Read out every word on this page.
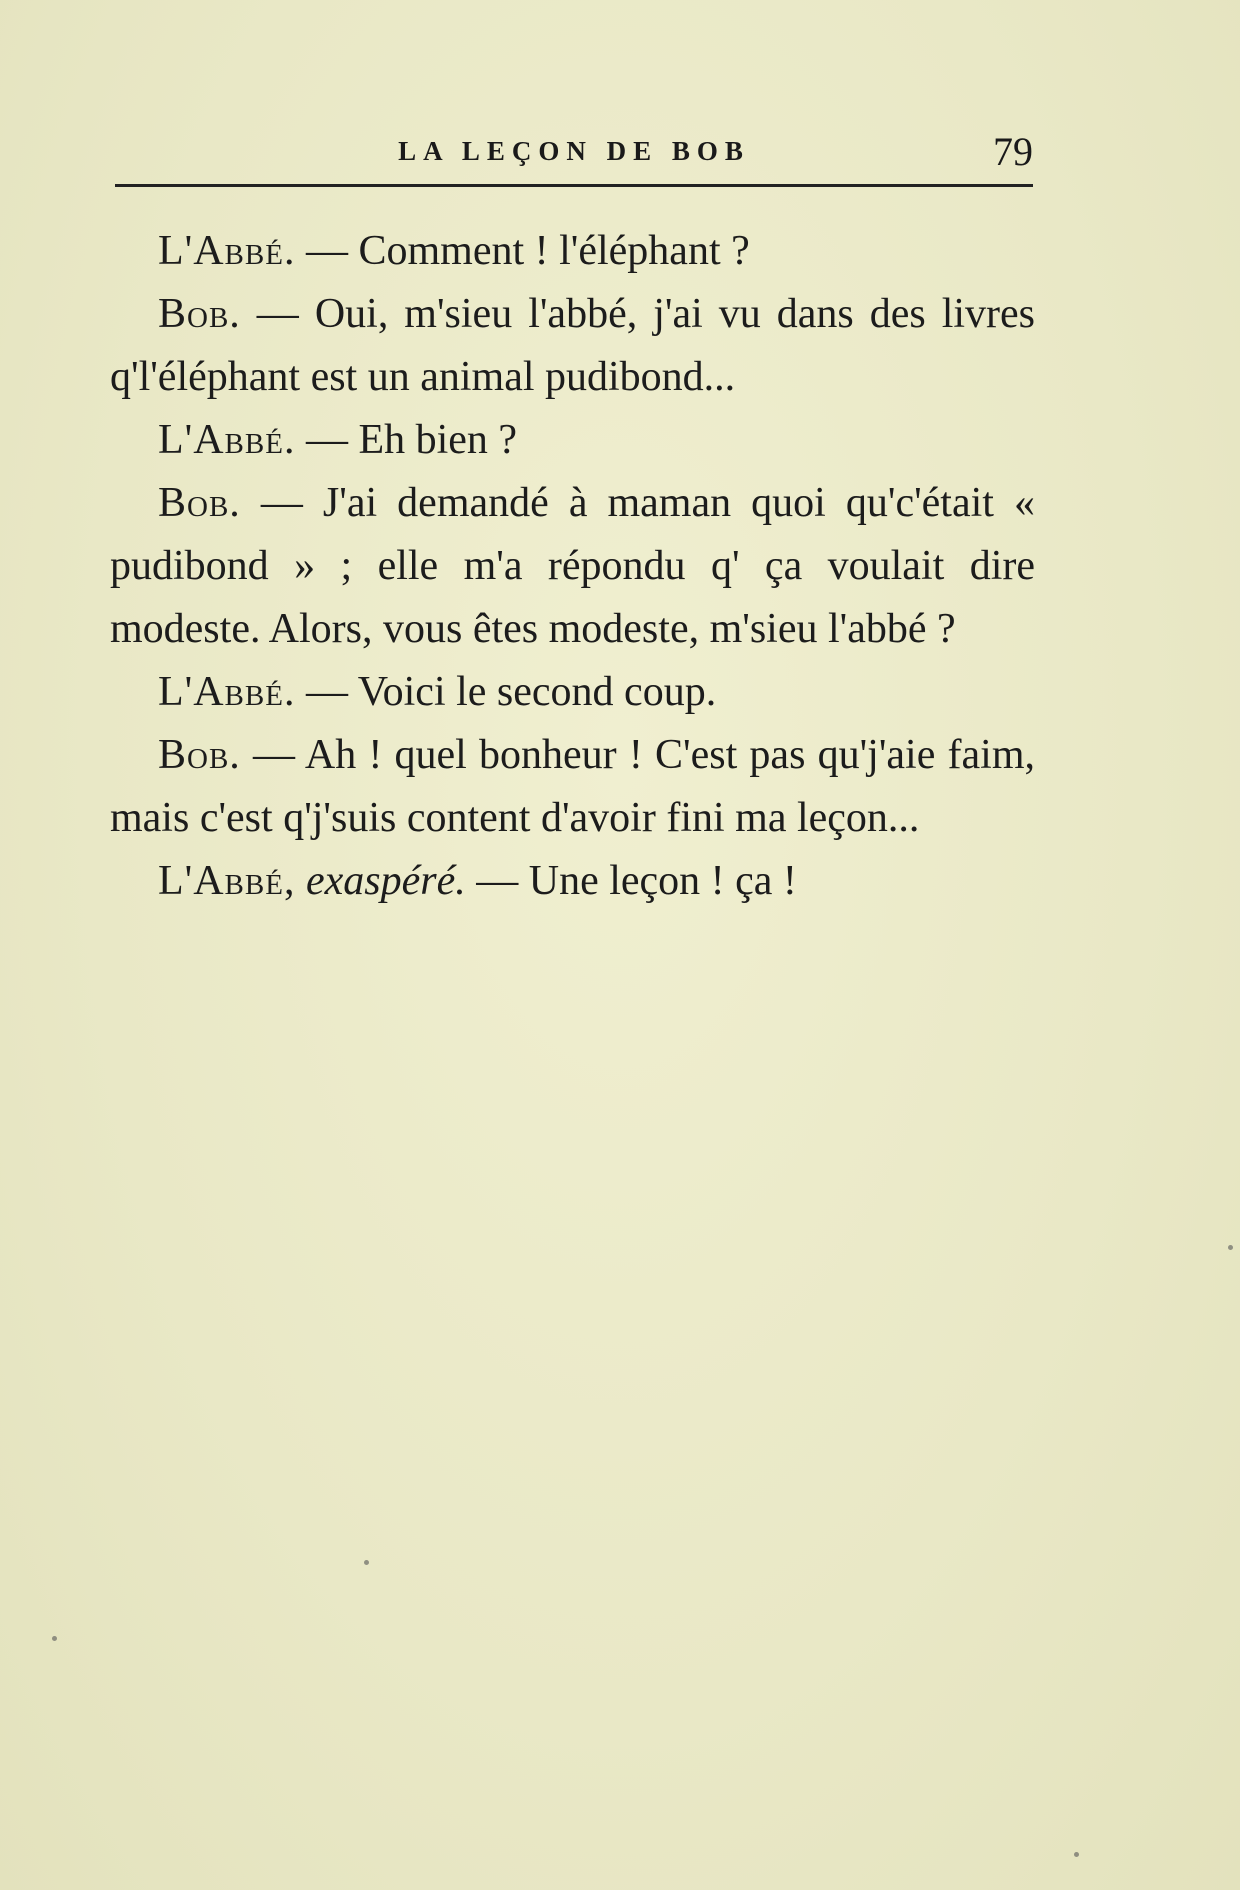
LA LEÇON DE BOB	79

L'Abbé. — Comment ! l'éléphant ?

Bob. — Oui, m'sieu l'abbé, j'ai vu dans des livres q'l'éléphant est un animal pudibond...

L'Abbé. — Eh bien ?

Bob. — J'ai demandé à maman quoi qu'c'était « pudibond » ; elle m'a répondu q' ça voulait dire modeste. Alors, vous êtes modeste, m'sieu l'abbé ?

L'Abbé. — Voici le second coup.

Bob. — Ah ! quel bonheur ! C'est pas qu'j'aie faim, mais c'est q'j'suis content d'avoir fini ma leçon...

L'Abbé, exaspéré. — Une leçon ! ça !
